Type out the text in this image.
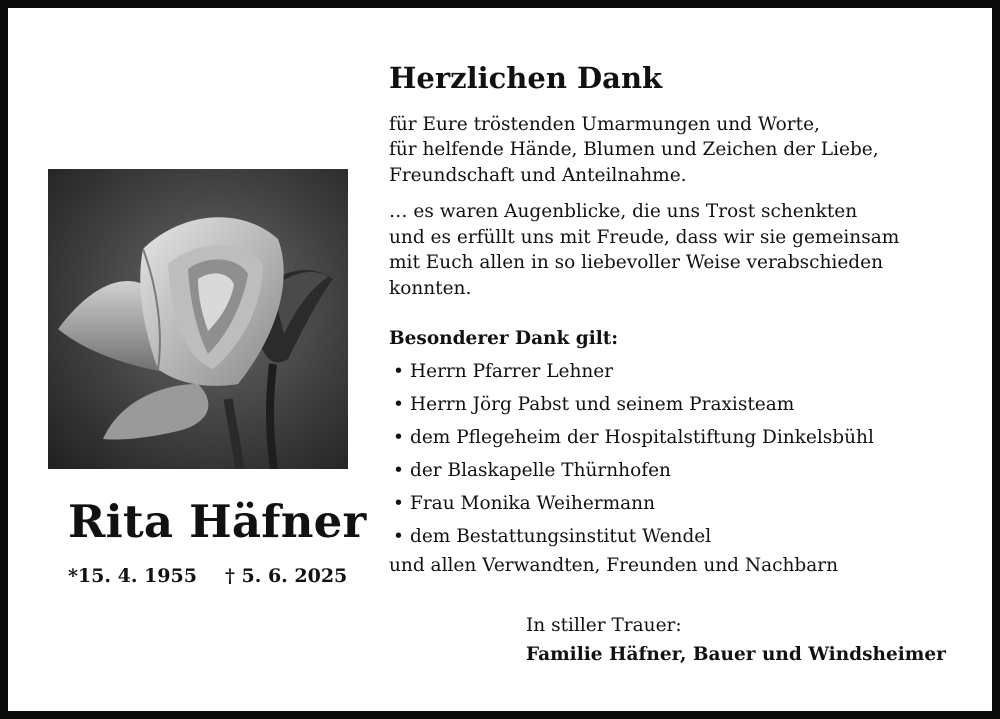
Rita Häfner
*15. 4. 1955 † 5. 6. 2025
Herzlichen Dank

für Eure tröstenden Umarmungen und Worte,
für helfende Hände, Blumen und Zeichen der Liebe,
Freundschaft und Anteilnahme.

… es waren Augenblicke, die uns Trost schenkten
und es erfüllt uns mit Freude, dass wir sie gemeinsam
mit Euch allen in so liebevoller Weise verabschieden
konnten.

Besonderer Dank gilt:
• Herrn Pfarrer Lehner
• Herrn Jörg Pabst und seinem Praxisteam
• dem Pflegeheim der Hospitalstiftung Dinkelsbühl
• der Blaskapelle Thürnhofen
• Frau Monika Weihermann
• dem Bestattungsinstitut Wendel
und allen Verwandten, Freunden und Nachbarn
In stiller Trauer:
Familie Häfner, Bauer und Windsheimer
